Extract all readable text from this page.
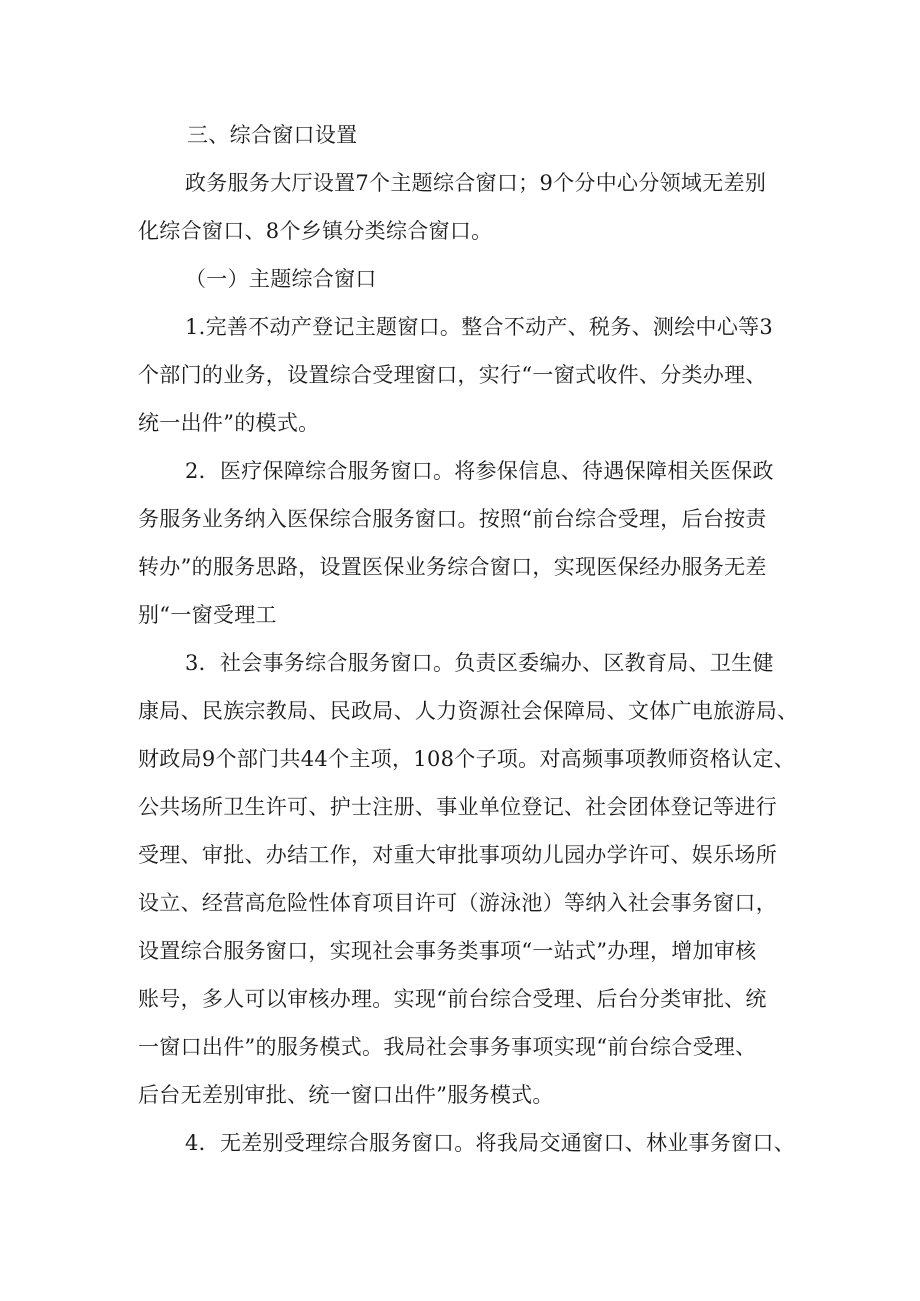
三、综合窗口设置
政务服务大厅设置7个主题综合窗口；9个分中心分领域无差别
化综合窗口、8个乡镇分类综合窗口。
（一）主题综合窗口
1.完善不动产登记主题窗口。整合不动产、税务、测绘中心等3
个部门的业务，设置综合受理窗口，实行“一窗式收件、分类办理、
统一出件”的模式。
2．医疗保障综合服务窗口。将参保信息、待遇保障相关医保政
务服务业务纳入医保综合服务窗口。按照“前台综合受理，后台按责
转办”的服务思路，设置医保业务综合窗口，实现医保经办服务无差
别“一窗受理工
3．社会事务综合服务窗口。负责区委编办、区教育局、卫生健
康局、民族宗教局、民政局、人力资源社会保障局、文体广电旅游局、
财政局9个部门共44个主项，108个子项。对高频事项教师资格认定、
公共场所卫生许可、护士注册、事业单位登记、社会团体登记等进行
受理、审批、办结工作，对重大审批事项幼儿园办学许可、娱乐场所
设立、经营高危险性体育项目许可（游泳池）等纳入社会事务窗口，
设置综合服务窗口，实现社会事务类事项“一站式”办理，增加审核
账号，多人可以审核办理。实现“前台综合受理、后台分类审批、统
一窗口出件”的服务模式。我局社会事务事项实现“前台综合受理、
后台无差别审批、统一窗口出件”服务模式。
4．无差别受理综合服务窗口。将我局交通窗口、林业事务窗口、
